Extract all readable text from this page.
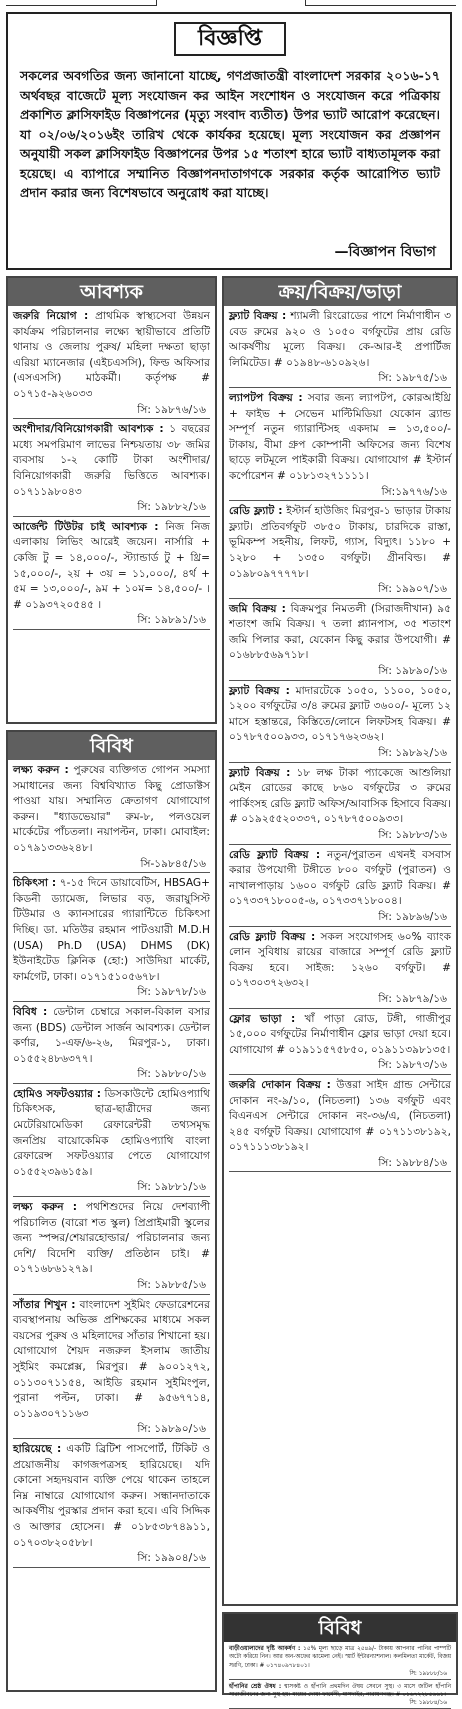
বিজ্ঞপ্তি
সকলের অবগতির জন্য জানানো যাচ্ছে, গণপ্রজাতন্ত্রী বাংলাদেশ সরকার ২০১৬-১৭ অর্থবছর বাজেটে মূল্য সংযোজন কর আইন সংশোধন ও সংযোজন করে পত্রিকায় প্রকাশিত ক্লাসিফাইড বিজ্ঞাপনের (মৃত্যু সংবাদ ব্যতীত) উপর ভ্যাট আরোপ করেছেন। যা ০২/০৬/২০১৬ইং তারিখ থেকে কার্যকর হয়েছে। মূল্য সংযোজন কর প্রজ্ঞাপন অনুযায়ী সকল ক্লাসিফাইড বিজ্ঞাপনের উপর ১৫ শতাংশ হারে ভ্যাট বাধ্যতামূলক করা হয়েছে। এ ব্যাপারে সম্মানিত বিজ্ঞাপনদাতাগণকে সরকার কর্তৃক আরোপিত ভ্যাট প্রদান করার জন্য বিশেষভাবে অনুরোধ করা যাচ্ছে।
—বিজ্ঞাপন বিভাগ
আবশ্যক
জরুরি নিয়োগ : প্রাথমিক স্বাস্থ্যসেবা উন্নয়ন কার্যক্রম পরিচালনার লক্ষ্যে স্থায়ীভাবে প্রতিটি থানায় ও জেলায় পুরুষ/ মহিলা দক্ষতা ছাড়া এরিয়া ম্যানেজার (এইচএসসি), ফিল্ড অফিসার (এসএসসি) মাঠকর্মী। কর্তৃপক্ষ # ০১৭১৫-৯২৬০৩৩
সি: ১৯৮৭৬/১৬
অংশীদার/বিনিয়োগকারী আবশ্যক : ১ বছরের মধ্যে সমপরিমাণ লাভের নিশ্চয়তায় ৩৮ জমির ব্যবসায় ১-২ কোটি টাকা অংশীদার/বিনিয়োগকারী জরুরি ভিত্তিতে আবশ্যক। ০১৭১১৯৮০৪৩
সি: ১৯৮৮২/১৬
আর্জেন্ট টিউটর চাই আবশ্যক : নিজ নিজ এলাকায় লিভিং আরেই জয়েন। নার্সারি + কেজি টু = ১৪,০০০/-, স্ট্যান্ডার্ড টু + থ্রি= ১৫,০০০/-, ২য় + ৩য় = ১১,০০০/, ৪র্থ + ৫ম = ১৩,০০০/-, ৯ম + ১০ম= ১৪,৫০০/- । # ০১৯৩৭২০৫৪৫ ।
সি: ১৯৮৯১/১৬
বিবিধ
লক্ষ্য করুন : পুরুষের ব্যক্তিগত গোপন সমস্যা সমাধানের জন্য বিশ্ববিখ্যাত কিছু প্রোডাক্টস পাওয়া যায়। সম্মানিত ক্রেতাগণ যোগাযোগ করুন। "ধ্যাডভেয়ার" রুম-৮, পলওয়েল মার্কেটের পাঁচতলা। নয়াপল্টন, ঢাকা। মোবাইল: ০১৭৯১৩৩৬২৪৮।
সি-১৯৮৪৫/১৬
চিকিৎসা : ৭-১৫ দিনে ডায়াবেটিস, HBSAG+ কিডনী ড্যামেজ, লিভার বড়, জরায়ুসিস্ট টিউমার ও ক্যানসারের গ্যারান্টিতে চিকিৎসা দিচ্ছি। ডা. মতিউর রহমান পাটওয়ারী M.D.H (USA) Ph.D (USA) DHMS (DK) ইউনাইটেড ক্লিনিক (হো:) সাউদিয়া মার্কেট, ফার্মগেট, ঢাকা। ০১৭১৫১০৫৬৭৮।
সি: ১৯৮৭৮/১৬
বিবিধ : ডেন্টাল চেম্বারে সকাল-বিকাল বসার জন্য (BDS) ডেন্টাল সার্জন আবশ্যক। ডেন্টাল কর্ণার, ১-এফ/৬-২৬, মিরপুর-১, ঢাকা। ০১৫৫২৪৮৬৩৭৭।
সি: ১৯৮৮০/১৬
হোমিও সফটওয়্যার : ডিসকাউন্টে হোমিওপ্যাথি চিকিৎসক, ছাত্র-ছাত্রীদের জন্য মেটেরিয়ামেডিকা রেফারেন্টরী তথ্যসমৃদ্ধ জনপ্রিয় বায়োকেমিক হোমিওপ্যাথি বাংলা রেফারেন্স সফটওয়্যার পেতে যোগাযোগ ০১৫৫২৩৯৬১৫৯।
সি: ১৯৮৮১/১৬
লক্ষ্য করুন : পথশিশুদের নিয়ে দেশব্যাপী পরিচালিত (বারো শত স্কুল) প্রিপ্রাইমারী স্কুলের জন্য স্পন্সর/শেয়ারহোল্ডার/ পরিচালনার জন্য দেশি/ বিদেশি ব্যক্তি/ প্রতিষ্ঠান চাই। # ০১৭১৬৮৬১২৭৯।
সি: ১৯৮৮৫/১৬
সাঁতার শিখুন : বাংলাদেশ সুইমিং ফেডারেশনের ব্যবস্থাপনায় অভিজ্ঞ প্রশিক্ষকের মাধ্যমে সকল বয়সের পুরুষ ও মহিলাদের সাঁতার শিখানো হয়। যোগাযোগ শৈয়দ নজরুল ইসলাম জাতীয় সুইমিং কমপ্লেক্স, মিরপুর। # ৯০০১২৭২, ০১১৩০৭১১৫৪, আইডি রহমান সুইমিংপুল, পুরানা পল্টন, ঢাকা। # ৯৫৬৭৭১৪, ০১১৯৩০৭১১৬৩
সি: ১৯৮৯০/১৬
হারিয়েছে : একটি ব্রিটিশ পাসপোর্ট, টিকিট ও প্রয়োজনীয় কাগজপত্রসহ হারিয়েছে। যদি কোনো সহৃদয়বান ব্যক্তি পেয়ে থাকেন তাহলে নিম্ন নাম্বারে যোগাযোগ করুন। সন্ধানদাতাকে আকর্ষণীয় পুরস্কার প্রদান করা হবে। এবি সিদ্দিক ও আক্তার হোসেন। # ০১৮৫৩৮৭৪৯১১, ০১৭০৩৮২০৫৮৮।
সি: ১৯৯০৪/১৬
ক্রয়/বিক্রয়/ভাড়া
ফ্ল্যাট বিক্রয় : শ্যামলী রিংরোডের পাশে নির্মাণাধীন ৩ বেড রুমের ৯২০ ও ১০৫০ বর্গফুটের প্রায় রেডি আকর্ষণীয় মূল্যে বিক্রয়। কে-আর-ই প্রপার্টিজ লিমিটেড। # ০১৯৪৮-৬১০৯২৬।
সি: ১৯৮৭৫/১৬
ল্যাপটপ বিক্রয় : সবার জন্য ল্যাপটপ, কোরআইথ্রি + ফাইভ + সেভেন মাল্টিমিডিয়া যেকোন ব্র্যান্ড সম্পূর্ণ নতুন গ্যারান্টিসহ একদাম = ১৩,৫০০/- টাকায়, বীমা গ্রুপ কোম্পানী অফিসের জন্য বিশেষ ছাড়ে লটমূলে পাইকারী বিক্রয়। যোগাযোগ # ইস্টার্ন কর্পোরেশন # ০১৮১৩২৭১১১১।
সি:১৯৭৭৬/১৬
রেডি ফ্ল্যাট : ইস্টার্ন হাউজিং মিরপুর-১ ভাড়ার টাকায় ফ্ল্যাট। প্রতিবর্গফুট ৩৮৫০ টাকায়, চারদিকে রাস্তা, ভূমিকম্প সহনীয়, লিফট, গ্যাস, বিদ্যুৎ। ১১৮০ + ১২৮০ + ১৩৫০ বর্গফুট। গ্রীনবিল্ড। # ০১৯৮০৯৭৭৭৭৮।
সি: ১৯৯০৭/১৬
জমি বিক্রয় : বিক্রমপুর নিমতলী (সিরাজদীখান) ৯৫ শতাংশ জমি বিক্রয়। ৭ তলা প্ল্যানপাস, ৩৫ শতাংশ জমি পিলার করা, যেকোন কিছু করার উপযোগী। # ০১৬৮৮৫৬৯৭১৮।
সি: ১৯৮৯০/১৬
ফ্ল্যাট বিক্রয় : মাদারটেকে ১০৫০, ১১০০, ১০৫০, ১২০০ বর্গফুটের ৩/৪ রুমের ফ্ল্যাট ৩৬০০/- মূল্যে ১২ মাসে হস্তান্তরে, কিস্তিতে/লোনে লিফটসহ বিক্রয়। # ০১৭৮৭৫০০৯৩৩, ০১৭১৭৬২৩৬২।
সি: ১৯৮৯২/১৬
ফ্ল্যাট বিক্রয় : ১৮ লক্ষ টাকা প্যাকেজে আশুলিয়া মেইন রোডের কাছে ৮৬০ বর্গফুটের ৩ রুমের পার্কিংসহ রেডি ফ্ল্যাট অফিস/আবাসিক হিসাবে বিক্রয়। # ০১৯২৫৫২০৩৩৭, ০১৭৮৭৫০০৯৩৩।
সি: ১৯৮৮৩/১৬
রেডি ফ্ল্যাট বিক্রয় : নতুন/পুরাতন এখনই বসবাস করার উপযোগী টঙ্গীতে ৮০০ বর্গফুট (পুরাতন) ও নাখালপাড়ায় ১৬০০ বর্গফুট রেডি ফ্ল্যাট বিক্রয়। # ০১৭৩৩৭১৮০০৫-৬, ০১৭৩৩৭১৮০০৪।
সি: ১৯৮৯৬/১৬
রেডি ফ্ল্যাট বিক্রয় : সকল সংযোগসহ ৬০% ব্যাংক লোন সুবিধায় রায়ের বাজারে সম্পূর্ণ রেডি ফ্ল্যাট বিক্রয় হবে। সাইজ: ১২৬০ বর্গফুট। # ০১৭৩০৩৭২৬৩২।
সি: ১৯৮৭৯/১৬
ফ্লোর ভাড়া : খাঁ পাড়া রোড, টঙ্গী, গাজীপুর ১৫,০০০ বর্গফুটের নির্মাণাধীন ফ্লোর ভাড়া দেয়া হবে। যোগাযোগ # ০১৯১১৫৭৫৮৫০, ০১৯১১৩৯৮১৩৫।
সি: ১৯৮৭৩/১৬
জরুরি দোকান বিক্রয় : উত্তরা সাইদ গ্রান্ড সেন্টারে দোকান নং-৯/১০, (নিচতলা) ১৩৬ বর্গফুট এবং বিএনএস সেন্টারে দোকান নং-৩৬/এ, (নিচতলা) ২৪৫ বর্গফুট বিক্রয়। যোগাযোগ # ০১৭১১৩৮১৯২, ০১৭১১১৩৮১৯২।
সি: ১৯৮৮৪/১৬
বিবিধ
বাড়ীওয়ালাদের দৃষ্টি আকর্ষণ : ১৫% মূল্য ছাড়ে মাত্র ২৫৪৯/- টাকায় আপনার পানির পাম্পটি অটো করিয়ে নিন। আর অন-অফের ঝামেলা নেই। স্মার্ট ইন্টারন্যাশনাল। কলমিলতা মার্কেট, বিজয় সরণি, ঢাকা। # ০১৭৪০৯৭৮৪০১।
সি: ১৯৮৮৮/১৬
হাঁপানির শ্রেষ্ঠ ঔষধ : শ্বাসকষ্ট ও হাঁপানি প্রথমদিন ঔষধ সেবনে সুস্থ। ৩ মাসে জটিল হাঁপানি সারাজীবনের জন্য সুস্থ হয়। মায়ের দোয়া ফার্মেসী, মাসদাইর, নারায়ণগঞ্জ। # ০১৬৭২২৮৫৬৬১।
সি: ১৯৮৮৪/১৬
